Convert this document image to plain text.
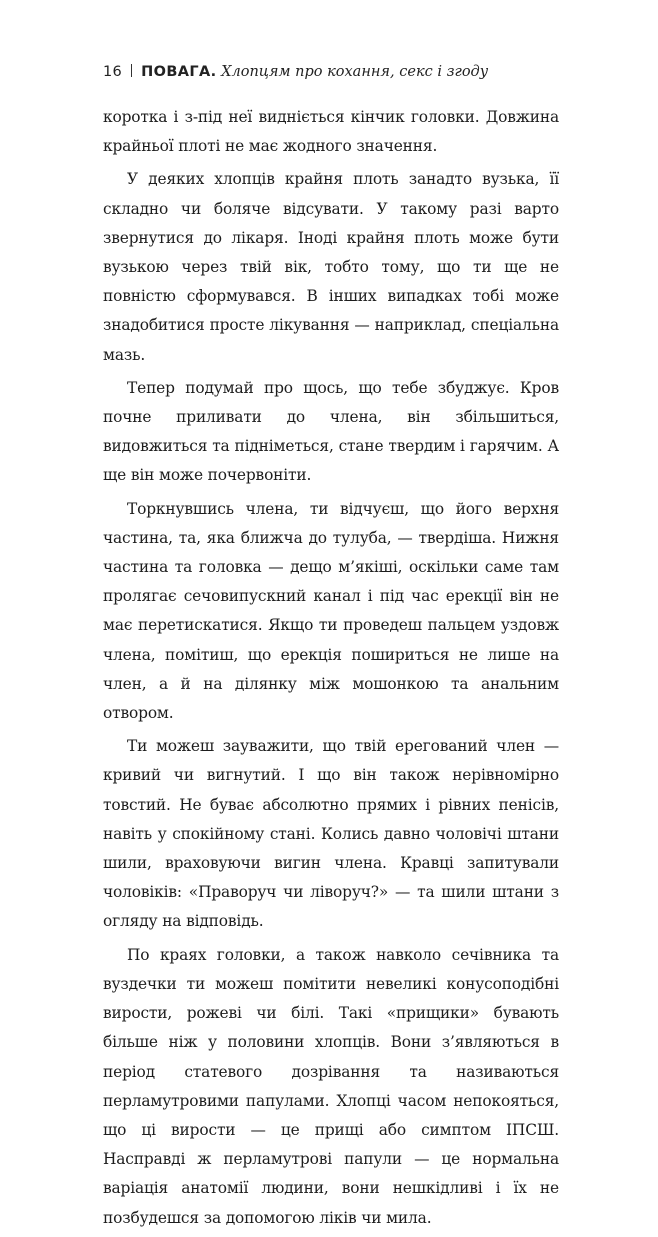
16 ПОВАГА. Хлопцям про кохання, секс і згоду

коротка і з-під неї видніється кінчик головки. Довжина крайньої плоті не має жодного значення.

У деяких хлопців крайня плоть занадто вузька, її складно чи боляче відсувати. У такому разі варто звернутися до лікаря. Іноді крайня плоть може бути вузькою через твій вік, тобто тому, що ти ще не повністю сформувався. В інших випадках тобі може знадобитися просте лікування — наприклад, спеціальна мазь.

Тепер подумай про щось, що тебе збуджує. Кров почне приливати до члена, він збільшиться, видовжиться та підніметься, стане твердим і гарячим. А ще він може почервоніти.

Торкнувшись члена, ти відчуєш, що його верхня частина, та, яка ближча до тулуба, — твердіша. Нижня частина та головка — дещо м’якіші, оскільки саме там пролягає сечовипускний канал і під час ерекції він не має перетискатися. Якщо ти проведеш пальцем уздовж члена, помітиш, що ерекція пошириться не лише на член, а й на ділянку між мошонкою та анальним отвором.

Ти можеш зауважити, що твій ерегований член — кривий чи вигнутий. І що він також нерівномірно товстий. Не буває абсолютно прямих і рівних пенісів, навіть у спокійному стані. Колись давно чоловічі штани шили, враховуючи вигин члена. Кравці запитували чоловіків: «Праворуч чи ліворуч?» — та шили штани з огляду на відповідь.

По краях головки, а також навколо сечівника та вуздечки ти можеш помітити невеликі конусоподібні вирости, рожеві чи білі. Такі «прищики» бувають більше ніж у половини хлопців. Вони з’являються в період статевого дозрівання та називаються перламутровими папулами. Хлопці часом непокояться, що ці вирости — це прищі або симптом ІПСШ. Насправді ж перламутрові папули — це нормальна варіація анатомії людини, вони нешкідливі і їх не позбудешся за допомогою ліків чи мила.
